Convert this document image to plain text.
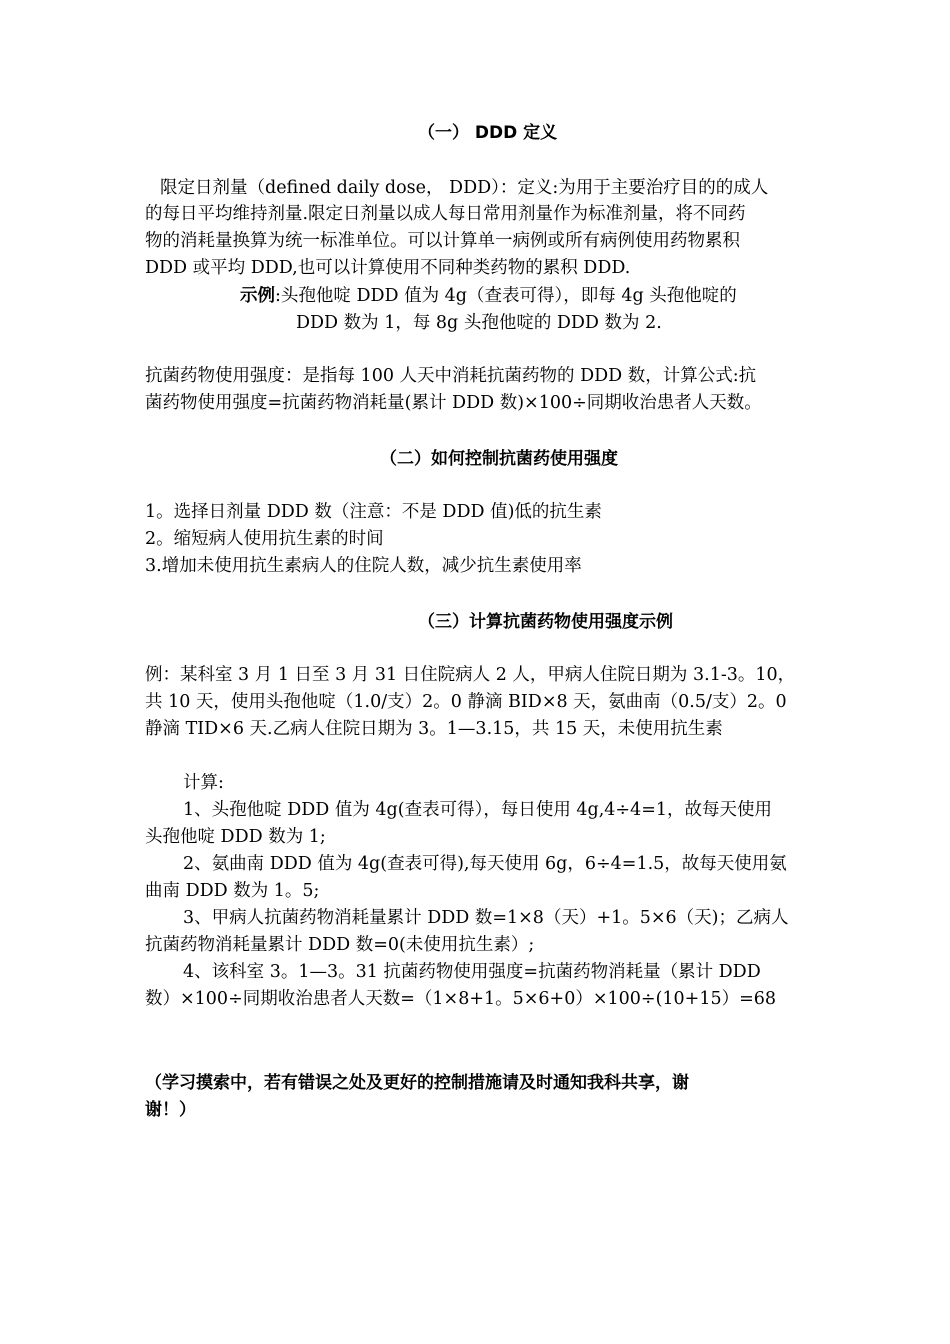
（一） DDD 定义
限定日剂量（defined daily dose， DDD）：定义:为用于主要治疗目的的成人
的每日平均维持剂量.限定日剂量以成人每日常用剂量作为标准剂量，将不同药
物的消耗量换算为统一标准单位。可以计算单一病例或所有病例使用药物累积
DDD 或平均 DDD,也可以计算使用不同种类药物的累积 DDD.
示例:头孢他啶 DDD 值为 4g（查表可得），即每 4g 头孢他啶的
DDD 数为 1，每 8g 头孢他啶的 DDD 数为 2.
抗菌药物使用强度：是指每 100 人天中消耗抗菌药物的 DDD 数，计算公式:抗
菌药物使用强度=抗菌药物消耗量(累计 DDD 数)×100÷同期收治患者人天数。
（二）如何控制抗菌药使用强度
1。选择日剂量 DDD 数（注意：不是 DDD 值)低的抗生素
2。缩短病人使用抗生素的时间
3.增加未使用抗生素病人的住院人数，减少抗生素使用率
（三）计算抗菌药物使用强度示例
例：某科室 3 月 1 日至 3 月 31 日住院病人 2 人，甲病人住院日期为 3.1-3。10，
共 10 天，使用头孢他啶（1.0/支）2。0 静滴 BID×8 天，氨曲南（0.5/支）2。0
静滴 TID×6 天.乙病人住院日期为 3。1—3.15，共 15 天，未使用抗生素
计算:
1、头孢他啶 DDD 值为 4g(查表可得），每日使用 4g,4÷4=1，故每天使用
头孢他啶 DDD 数为 1;
2、氨曲南 DDD 值为 4g(查表可得),每天使用 6g，6÷4=1.5，故每天使用氨
曲南 DDD 数为 1。5;
3、甲病人抗菌药物消耗量累计 DDD 数=1×8（天）+1。5×6（天)；乙病人
抗菌药物消耗量累计 DDD 数=0(未使用抗生素）;
4、该科室 3。1—3。31 抗菌药物使用强度=抗菌药物消耗量（累计 DDD
数）×100÷同期收治患者人天数=（1×8+1。5×6+0）×100÷(10+15）=68
（学习摸索中，若有错误之处及更好的控制措施请及时通知我科共享，谢
谢！）
